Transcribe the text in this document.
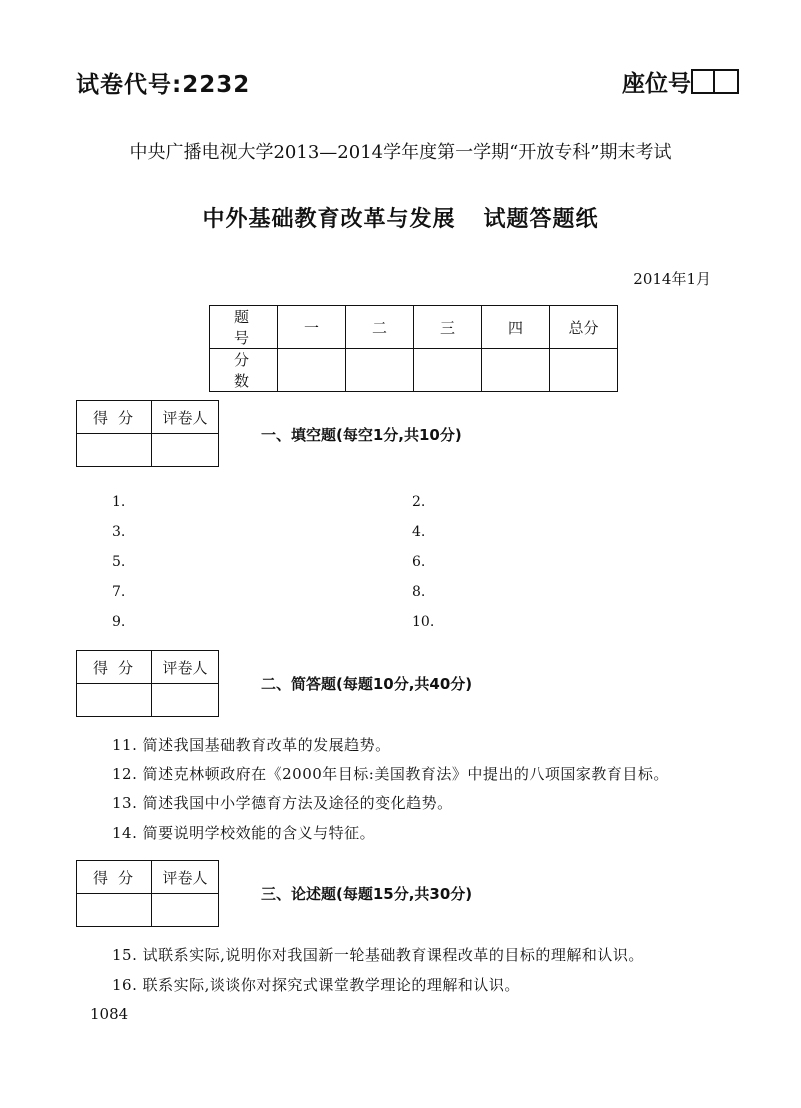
试卷代号:2232	座位号
中央广播电视大学2013—2014学年度第一学期“开放专科”期末考试
中外基础教育改革与发展 试题答题纸
2014年1月
题号	一	二	三	四	总分
分数					
得分	评卷人

一、填空题(每空1分,共10分)
1.	2.
3.	4.
5.	6.
7.	8.
9.	10.
得分	评卷人

二、简答题(每题10分,共40分)
11. 简述我国基础教育改革的发展趋势。
12. 简述克林顿政府在《2000年目标:美国教育法》中提出的八项国家教育目标。
13. 简述我国中小学德育方法及途径的变化趋势。
14. 简要说明学校效能的含义与特征。
得分	评卷人

三、论述题(每题15分,共30分)
15. 试联系实际,说明你对我国新一轮基础教育课程改革的目标的理解和认识。
16. 联系实际,谈谈你对探究式课堂教学理论的理解和认识。
1084
